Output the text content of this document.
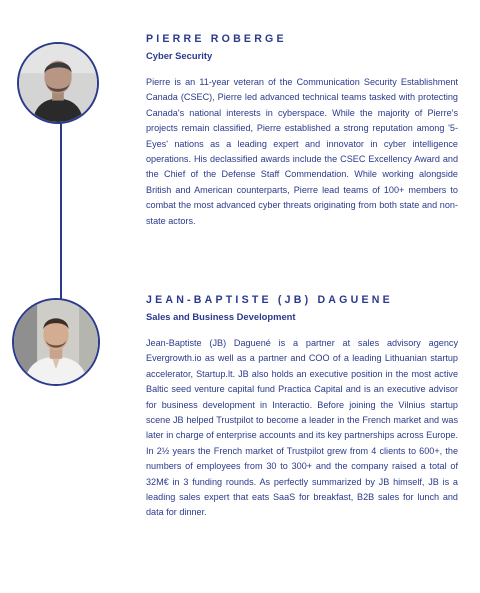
PIERRE ROBERGE

Cyber Security

Pierre is an 11-year veteran of the Communication Security Establishment Canada (CSEC), Pierre led advanced technical teams tasked with protecting Canada's national interests in cyberspace. While the majority of Pierre's projects remain classified, Pierre established a strong reputation among '5-Eyes' nations as a leading expert and innovator in cyber intelligence operations. His declassified awards include the CSEC Excellency Award and the Chief of the Defense Staff Commendation. While working alongside British and American counterparts, Pierre lead teams of 100+ members to combat the most advanced cyber threats originating from both state and non-state actors.

JEAN-BAPTISTE (JB) DAGUENE

Sales and Business Development

Jean-Baptiste (JB) Daguené is a partner at sales advisory agency Evergrowth.io as well as a partner and COO of a leading Lithuanian startup accelerator, Startup.lt. JB also holds an executive position in the most active Baltic seed venture capital fund Practica Capital and is an executive advisor for business development in Interactio. Before joining the Vilnius startup scene JB helped Trustpilot to become a leader in the French market and was later in charge of enterprise accounts and its key partnerships across Europe. In 2½ years the French market of Trustpilot grew from 4 clients to 600+, the numbers of employees from 30 to 300+ and the company raised a total of 32M€ in 3 funding rounds. As perfectly summarized by JB himself, JB is a leading sales expert that eats SaaS for breakfast, B2B sales for lunch and data for dinner.
